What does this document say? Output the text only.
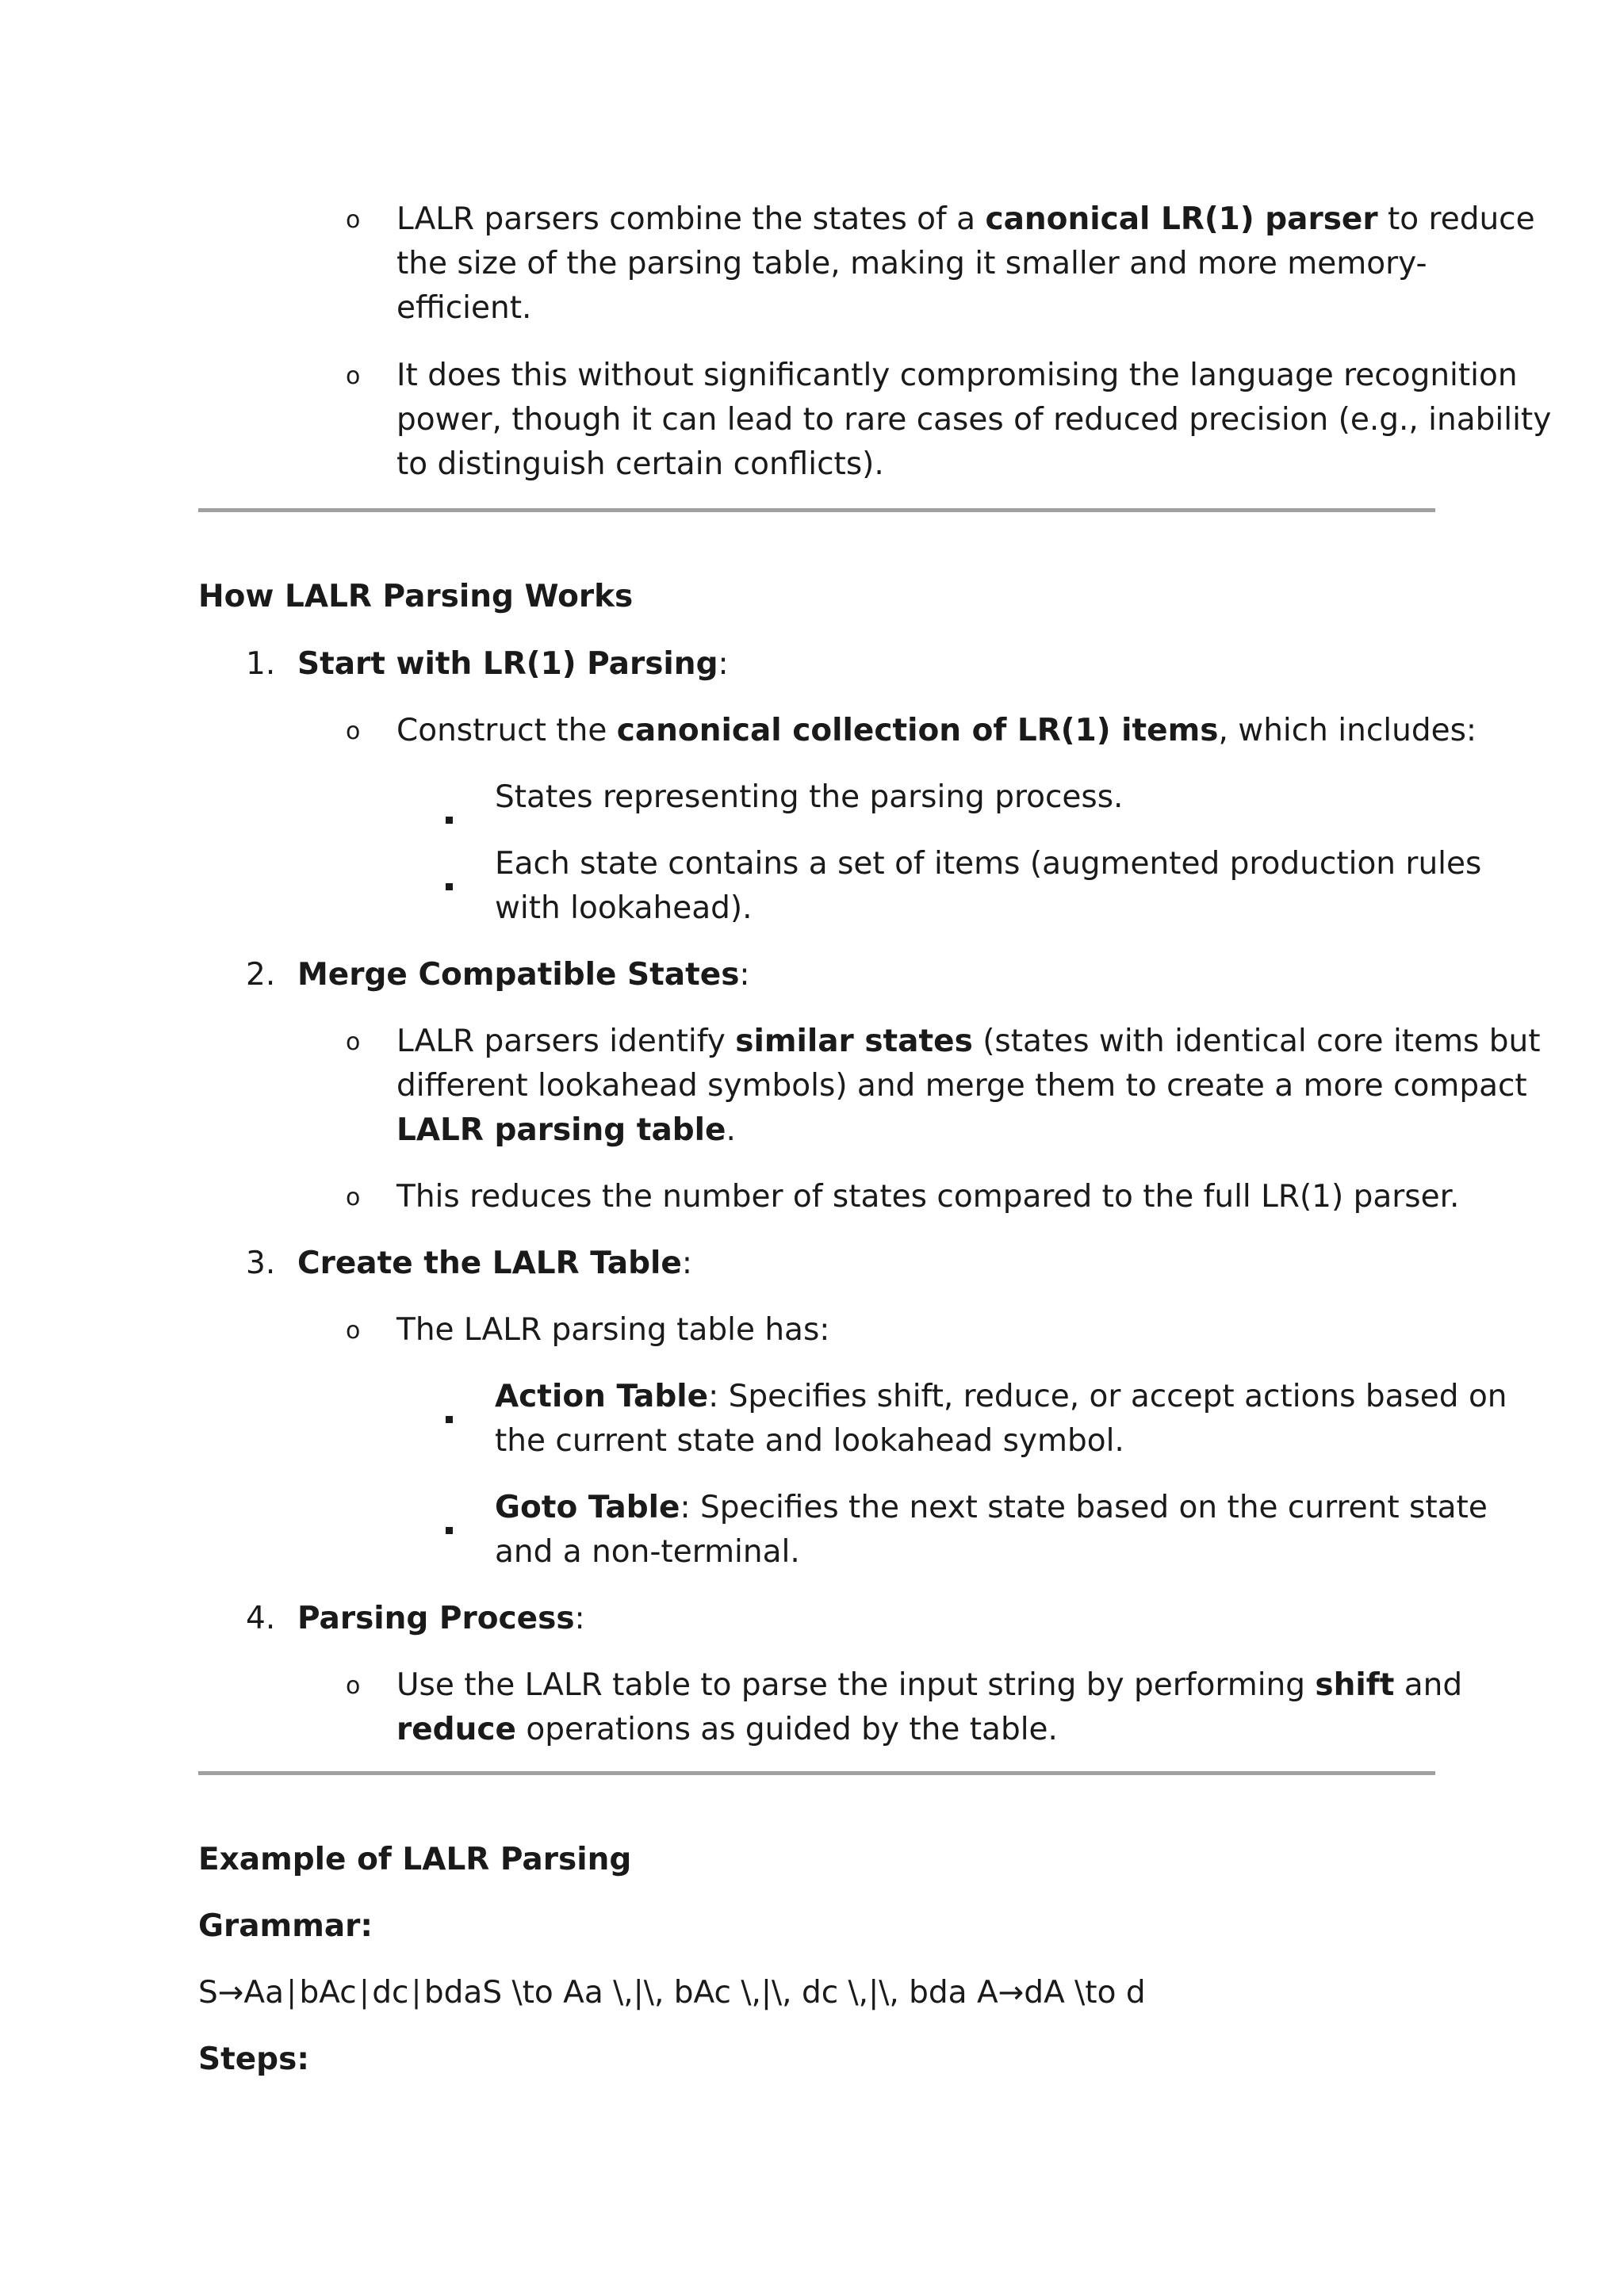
o LALR parsers combine the states of a canonical LR(1) parser to reduce
the size of the parsing table, making it smaller and more memory-
efficient.
o It does this without significantly compromising the language recognition
power, though it can lead to rare cases of reduced precision (e.g., inability
to distinguish certain conflicts).
How LALR Parsing Works
1. Start with LR(1) Parsing:
o Construct the canonical collection of LR(1) items, which includes:
States representing the parsing process.
Each state contains a set of items (augmented production rules
with lookahead).
2. Merge Compatible States:
o LALR parsers identify similar states (states with identical core items but
different lookahead symbols) and merge them to create a more compact
LALR parsing table.
o This reduces the number of states compared to the full LR(1) parser.
3. Create the LALR Table:
o The LALR parsing table has:
Action Table: Specifies shift, reduce, or accept actions based on
the current state and lookahead symbol.
Goto Table: Specifies the next state based on the current state
and a non-terminal.
4. Parsing Process:
o Use the LALR table to parse the input string by performing shift and
reduce operations as guided by the table.
Example of LALR Parsing
Grammar:
S→Aa∣bAc∣dc∣bdaS \to Aa \,|\, bAc \,|\, dc \,|\, bda A→dA \to d
Steps:
